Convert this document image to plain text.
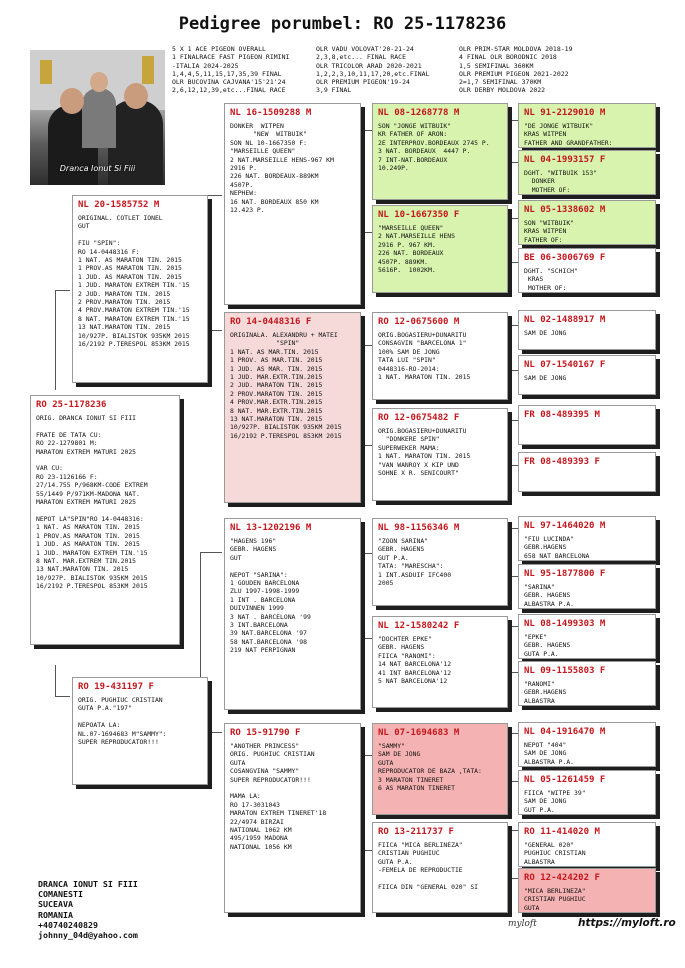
Pedigree porumbel: RO 25-1178236
Dranca Ionut Si Fiii
5 X 1 ACE PIGEON OVERALL
1 FINALRACE FAST PIGEON RIMINI
-ITALIA 2024-2025
1,4,4,5,11,15,17,35,39 FINAL
OLR BUCOVINA CAJVANA'15'21'24
2,6,12,12,39,etc...FINAL RACE
OLR VADU VOLOVAT'20-21-24
2,3,8,etc... FINAL RACE
OLR TRICOLOR ARAD 2020-2021
1,2,2,3,10,11,17,20,etc.FINAL
OLR PREMIUM PIGEON'19-24
3,9 FINAL
OLR PRIM-STAR MOLDOVA 2018-19
4 FINAL OLR BORODNIC 2018
1,5 SEMIFINAL 360KM
OLR PREMIUM PIGEON 2021-2022
2=1,7 SEMIFINAL 370KM
OLR DERBY MOLDOVA 2022
RO 25-1178236
ORIG. DRANCA IONUT SI FIII

FRATE DE TATA CU:
RO 22-1279801 M:
MARATON EXTREM MATURI 2025

VAR CU:
RO 23-1126166 F:
27/14.755 P/968KM-CODE EXTREM
55/1449 P/971KM-MADONA NAT.
MARATON EXTREM MATURI 2025

NEPOT LA"SPIN"RO 14-0448316:
1 NAT. AS MARATON TIN. 2015
1 PROV.AS MARATON TIN. 2015
1 JUD. AS MARATON TIN. 2015
1 JUD. MARATON EXTREM TIN.'15
8 NAT. MAR.EXTREM TIN.2015
13 NAT.MARATON TIN. 2015
10/927P. BIALISTOK 935KM 2015
16/2192 P.TERESPOL 853KM 2015
NL 20-1585752 M
ORIGINAL. COTLET IONEL
GUT

FIU "SPIN":
RO 14-0448316 F:
1 NAT. AS MARATON TIN. 2015
1 PROV.AS MARATON TIN. 2015
1 JUD. AS MARATON TIN. 2015
1 JUD. MARATON EXTREM TIN.'15
2 JUD. MARATON TIN. 2015
2 PROV.MARATON TIN. 2015
4 PROV.MARATON EXTREM TIN.'15
8 NAT. MARATON EXTREM TIN.'15
13 NAT.MARATON TIN. 2015
10/927P. BIALISTOK 935KM 2015
16/2192 P.TERESPOL 853KM 2015
RO 19-431197 F
ORIG. PUGHIUC CRISTIAN
GUTA P.A."197"

NEPOATA LA:
NL.07-1694683 M"SAMMY":
SUPER REPRODUCATOR!!!
NL 16-1509288 M
DONKER  WITPEN
"NEW  WITBUIK"
SON NL 10-1667350 F:
"MARSEILLE QUEEN"
2 NAT.MARSEILLE HENS-967 KM
2916 P.
226 NAT. BORDEAUX-889KM
4507P.
NEPHEW:
16 NAT. BORDEAUX 850 KM
12.423 P.
RO 14-0448316 F
ORIGINALA. ALEXANDRU + MATEI
"SPIN"
1 NAT. AS MAR.TIN. 2015
1 PROV. AS MAR.TIN. 2015
1 JUD. AS MAR. TIN. 2015
1 JUD. MAR.EXTR.TIN.2015
2 JUD. MARATON TIN. 2015
2 PROV.MARATON TIN. 2015
4 PROV.MAR.EXTR.TIN.2015
8 NAT. MAR.EXTR.TIN.2015
13 NAT.MARATON TIN. 2015
10/927P. BIALISTOK 935KM 2015
16/2192 P.TERESPOL 853KM 2015
NL 13-1202196 M
"HAGENS 196"
GEBR. HAGENS
GUT

NEPOT "SARINA":
1 GOUDEN BARCELONA
ZLU 1997-1998-1999
1 INT . BARCELONA
DUIVINNEN 1999
3 NAT . BARCELONA '99
3 INT.BARCELONA
39 NAT.BARCELONA '97
58 NAT.BARCELONA '98
219 NAT PERPIGNAN
RO 15-91790 F
"ANOTHER PRINCESS"
ORIG. PUGHIUC CRISTIAN
GUTA
COSANGVINA "SAMMY"
SUPER REPRODUCATOR!!!

MAMA LA:
RO 17-3031043
MARATON EXTREM TINERET'18
22/4974 BIRZAI
NATIONAL 1062 KM
495/1959 MADONA
NATIONAL 1056 KM
NL 08-1268778 M
SON "JONGE WITBUIK"
KR FATHER OF ARON:
2E INTERPROV.BORDEAUX 2745 P.
3 NAT. BORDEAUX  4447 P.
7 INT-NAT.BORDEAUX
10.249P.
NL 10-1667350 F
"MARSEILLE QUEEN"
2 NAT.MARSEILLE HENS
2916 P. 967 KM.
226 NAT. BORDEAUX
4507P. 889KM.
5616P.  1002KM.
RO 12-0675600 M
ORIG.BOGASIERU+DUNARITU
CONSAGVIN "BARCELONA 1"
100% SAM DE JONG
TATA LUI "SPIN"
0448316-RO-2014:
1 NAT. MARATON TIN. 2015
RO 12-0675482 F
ORIG.BOGASIERU+DUNARITU
"DONKERE SPIN"
SUPERWEKER MAMA:
1 NAT. MARATON TIN. 2015
"VAN WANROY X KIP UND
SOHNE X R. SENICOURT"
NL 98-1156346 M
"ZOON SARINA"
GEBR. HAGENS
GUT P.A.
TATA: "MARESCHA":
1 INT.ASDUIF IFC400
2005
NL 12-1580242 F
"DOCHTER EPKE"
GEBR. HAGENS
FIICA "RANOMI":
14 NAT BARCELONA'12
41 INT BARCELONA'12
5 NAT BARCELONA'12
NL 07-1694683 M
"SAMMY"
SAM DE JONG
GUTA
REPRODUCATOR DE BAZA ,TATA:
3 MARATON TINERET
6 AS MARATON TINERET
RO 13-211737 F
FIICA "MICA BERLINEZA"
CRISTIAN PUGHIUC
GUTA P.A.
-FEMELA DE REPRODUCTIE

FIICA DIN "GENERAL 020" SI
NL 91-2129010 M
"DE JONGE WITBUIK"
KRAS WITPEN
FATHER AND GRANDFATHER:
NL 04-1993157 F
DGHT. "WITBUIK 153"
DONKER
MOTHER OF:
NL 05-1338602 M
SON "WITBUIK"
KRAS WITPEN
FATHER OF:
BE 06-3006769 F
DGHT. "SCHICH"
KRAS
MOTHER OF:
NL 02-1488917 M
SAM DE JONG
NL 07-1540167 F
SAM DE JONG
FR 08-489395 M
FR 08-489393 F
NL 97-1464020 M
"FIU LUCINDA"
GEBR.HAGENS
658 NAT BARCELONA
NL 95-1877800 F
"SARINA"
GEBR. HAGENS
ALBASTRA P.A.
NL 08-1499303 M
"EPKE"
GEBR. HAGENS
GUTA P.A.
NL 09-1155803 F
"RANOMI"
GEBR.HAGENS
ALBASTRA
NL 04-1916470 M
NEPOT "404"
SAM DE JONG
ALBASTRA P.A.
NL 05-1261459 F
FIICA "WITPE 39"
SAM DE JONG
GUT P.A.
RO 11-414020 M
"GENERAL 020"
PUGHIUC CRISTIAN
ALBASTRA
RO 12-424202 F
"MICA BERLINEZA"
CRISTIAN PUGHIUC
GUTA
DRANCA IONUT SI FIII
COMANESTI
SUCEAVA
ROMANIA
+40740240829
johnny_04d@yahoo.com
myloft	https://myloft.ro
